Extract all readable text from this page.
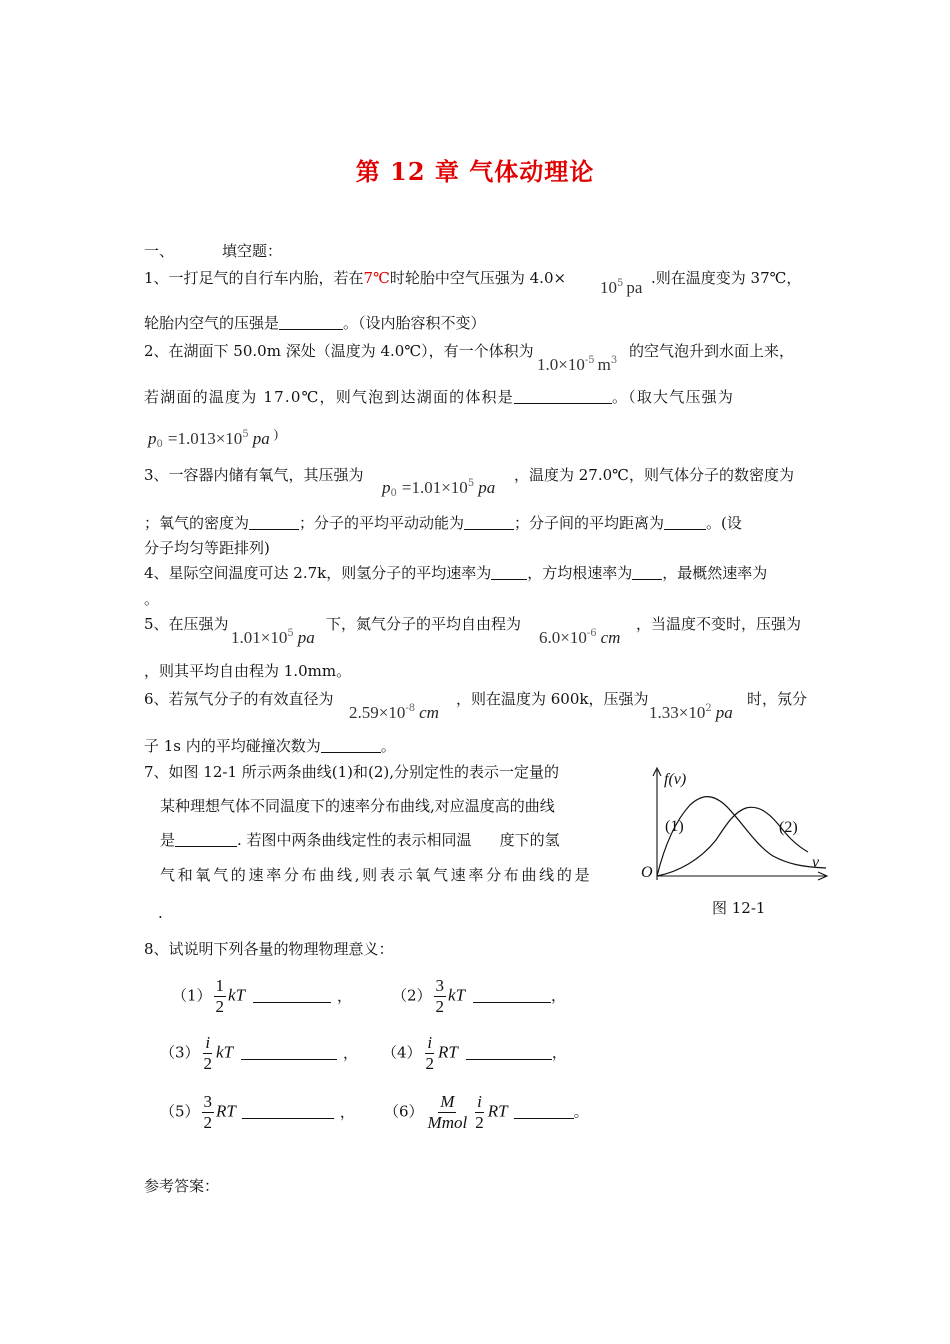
第 12 章 气体动理论
一、	填空题：
1、一打足气的自行车内胎，若在7℃时轮胎中空气压强为 $4.0\times 10^5$ pa .则在温度变为 37℃，
轮胎内空气的压强是	。（设内胎容积不变）
2、在湖面下 50.0m 深处（温度为 4.0℃），有一个体积为
$1.0\times 10^{-5}$ $m^3$
的空气泡升到水面上来，
若湖面的温度为 17.0℃，则气泡到达湖面的体积是	。（取大气压强为
$p_0 =1.013\times 10^5$ pa )
3、一容器内储有氧气，其压强为
$p_0 =1.01\times 10^5$ pa
，温度为 27.0℃，则气体分子的数密度为
；氧气的密度为	；分子的平均平动动能为	；分子间的平均距离为	。(设
分子均匀等距排列)
4、星际空间温度可达 2.7k，则氢分子的平均速率为 ，方均根速率为 ，最概然速率为
。
5、在压强为
$1.01\times 10^5$ pa
下，氮气分子的平均自由程为
$6.0\times 10^{-6}$ cm
，当温度不变时，压强为
，则其平均自由程为 1.0mm。
6、若氖气分子的有效直径为
$2.59\times 10^{-8}$ cm
，则在温度为 600k，压强为
$1.33\times 10^2$ pa
时，氖分
子 1s 内的平均碰撞次数为	。
7、如图 12-1 所示两条曲线(1)和(2),分别定性的表示一定量的
某种理想气体不同温度下的速率分布曲线,对应温度高的曲线
是	. 若图中两条曲线定性的表示相同温 度下的氢
气和氧气的速率分布曲线,则表示氧气速率分布曲线的是
.
f(v)
v
O
(1)	(2)
图 12-1
8、试说明下列各量的物理物理意义：
$(1) \frac{1}{2}$ kT	，	$(2) \frac{3}{2}$ kT	，
$(3) \frac{i}{2}$ kT	， $(4) \frac{i}{2}$ RT	，
$(5) \frac{3}{2}$ RT	， $(6) \frac{M}{\text{Mmol}} \frac{i}{2}$ RT	。
参考答案：
